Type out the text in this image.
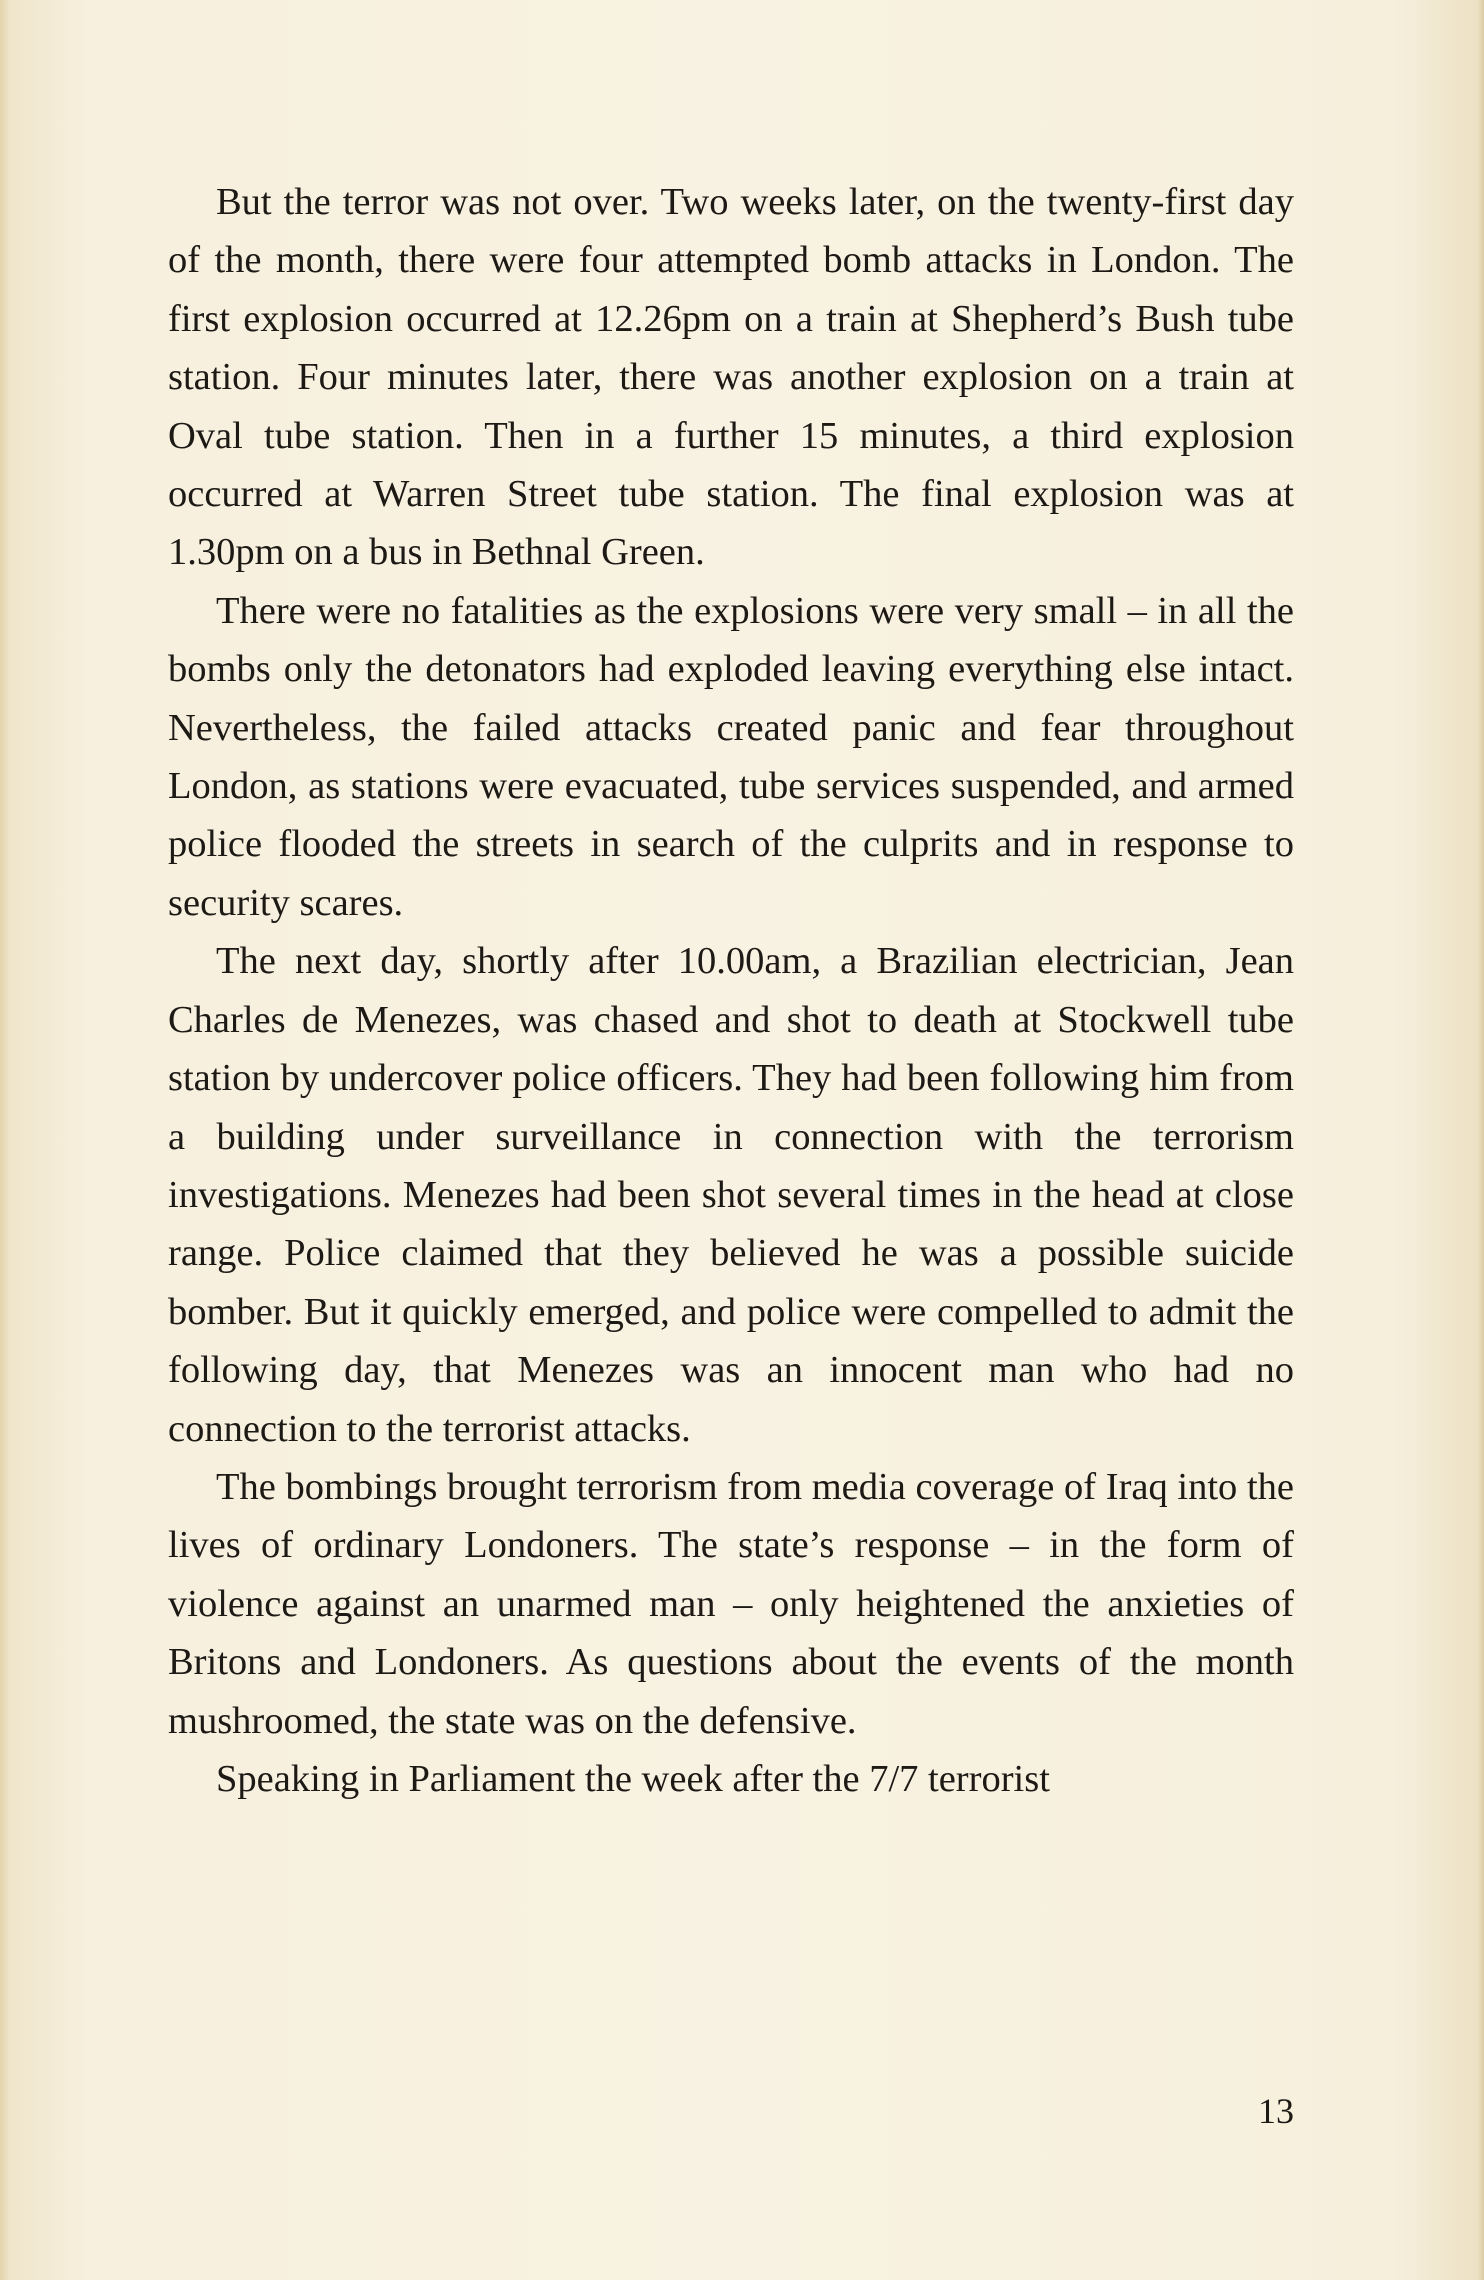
But the terror was not over. Two weeks later, on the twenty-first day of the month, there were four attempted bomb attacks in London. The first explosion occurred at 12.26pm on a train at Shepherd’s Bush tube station. Four minutes later, there was another explosion on a train at Oval tube station. Then in a further 15 minutes, a third explosion occurred at Warren Street tube station. The final explosion was at 1.30pm on a bus in Bethnal Green.

There were no fatalities as the explosions were very small – in all the bombs only the detonators had exploded leaving everything else intact. Nevertheless, the failed attacks created panic and fear throughout London, as stations were evacuated, tube services suspended, and armed police flooded the streets in search of the culprits and in response to security scares.

The next day, shortly after 10.00am, a Brazilian electrician, Jean Charles de Menezes, was chased and shot to death at Stockwell tube station by undercover police officers. They had been following him from a building under surveillance in connection with the terrorism investigations. Menezes had been shot several times in the head at close range. Police claimed that they believed he was a possible suicide bomber. But it quickly emerged, and police were compelled to admit the following day, that Menezes was an innocent man who had no connection to the terrorist attacks.

The bombings brought terrorism from media coverage of Iraq into the lives of ordinary Londoners. The state’s response – in the form of violence against an unarmed man – only heightened the anxieties of Britons and Londoners. As questions about the events of the month mushroomed, the state was on the defensive.

Speaking in Parliament the week after the 7/7 terrorist

13
